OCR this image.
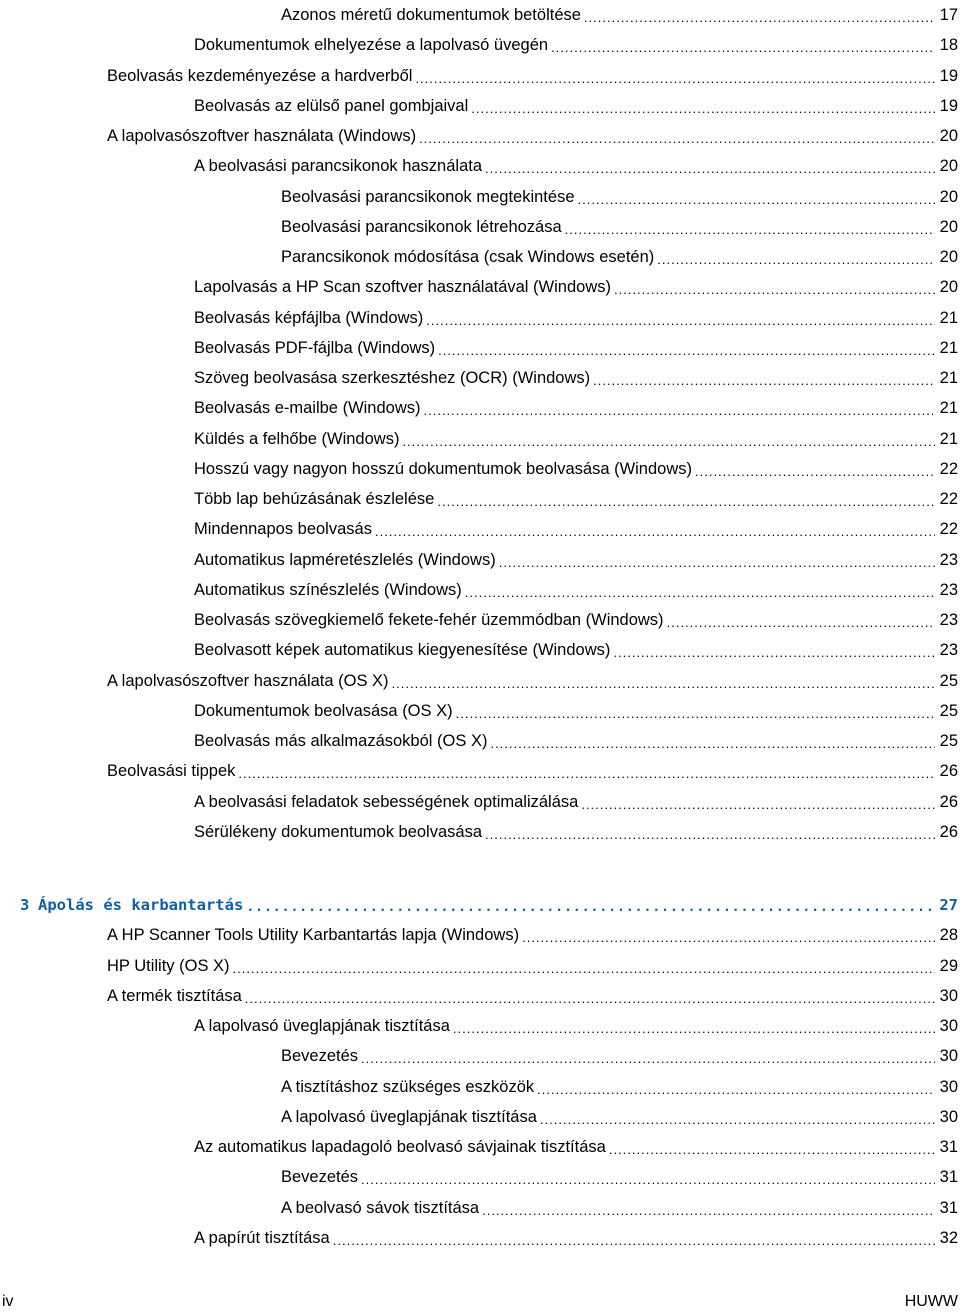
Azonos méretű dokumentumok betöltése .....	17
Dokumentumok elhelyezése a lapolvasó üvegén .....	18
Beolvasás kezdeményezése a hardverből .....	19
Beolvasás az elülső panel gombjaival .....	19
A lapolvasószoftver használata (Windows) .....	20
A beolvasási parancsikonok használata .....	20
Beolvasási parancsikonok megtekintése .....	20
Beolvasási parancsikonok létrehozása .....	20
Parancsikonok módosítása (csak Windows esetén) .....	20
Lapolvasás a HP Scan szoftver használatával (Windows) .....	20
Beolvasás képfájlba (Windows) .....	21
Beolvasás PDF-fájlba (Windows) .....	21
Szöveg beolvasása szerkesztéshez (OCR) (Windows) .....	21
Beolvasás e-mailbe (Windows) .....	21
Küldés a felhőbe (Windows) .....	21
Hosszú vagy nagyon hosszú dokumentumok beolvasása (Windows) .....	22
Több lap behúzásának észlelése .....	22
Mindennapos beolvasás .....	22
Automatikus lapméretészlelés (Windows) .....	23
Automatikus színészlelés (Windows) .....	23
Beolvasás szövegkiemelő fekete-fehér üzemmódban (Windows) .....	23
Beolvasott képek automatikus kiegyenesítése (Windows) .....	23
A lapolvasószoftver használata (OS X) .....	25
Dokumentumok beolvasása (OS X) .....	25
Beolvasás más alkalmazásokból (OS X) .....	25
Beolvasási tippek .....	26
A beolvasási feladatok sebességének optimalizálása .....	26
Sérülékeny dokumentumok beolvasása .....	26
3 Ápolás és karbantartás .....	27
A HP Scanner Tools Utility Karbantartás lapja (Windows) .....	28
HP Utility (OS X) .....	29
A termék tisztítása .....	30
A lapolvasó üveglapjának tisztítása .....	30
Bevezetés .....	30
A tisztításhoz szükséges eszközök .....	30
A lapolvasó üveglapjának tisztítása .....	30
Az automatikus lapadagoló beolvasó sávjainak tisztítása .....	31
Bevezetés .....	31
A beolvasó sávok tisztítása .....	31
A papírút tisztítása .....	32
iv	HUWW
